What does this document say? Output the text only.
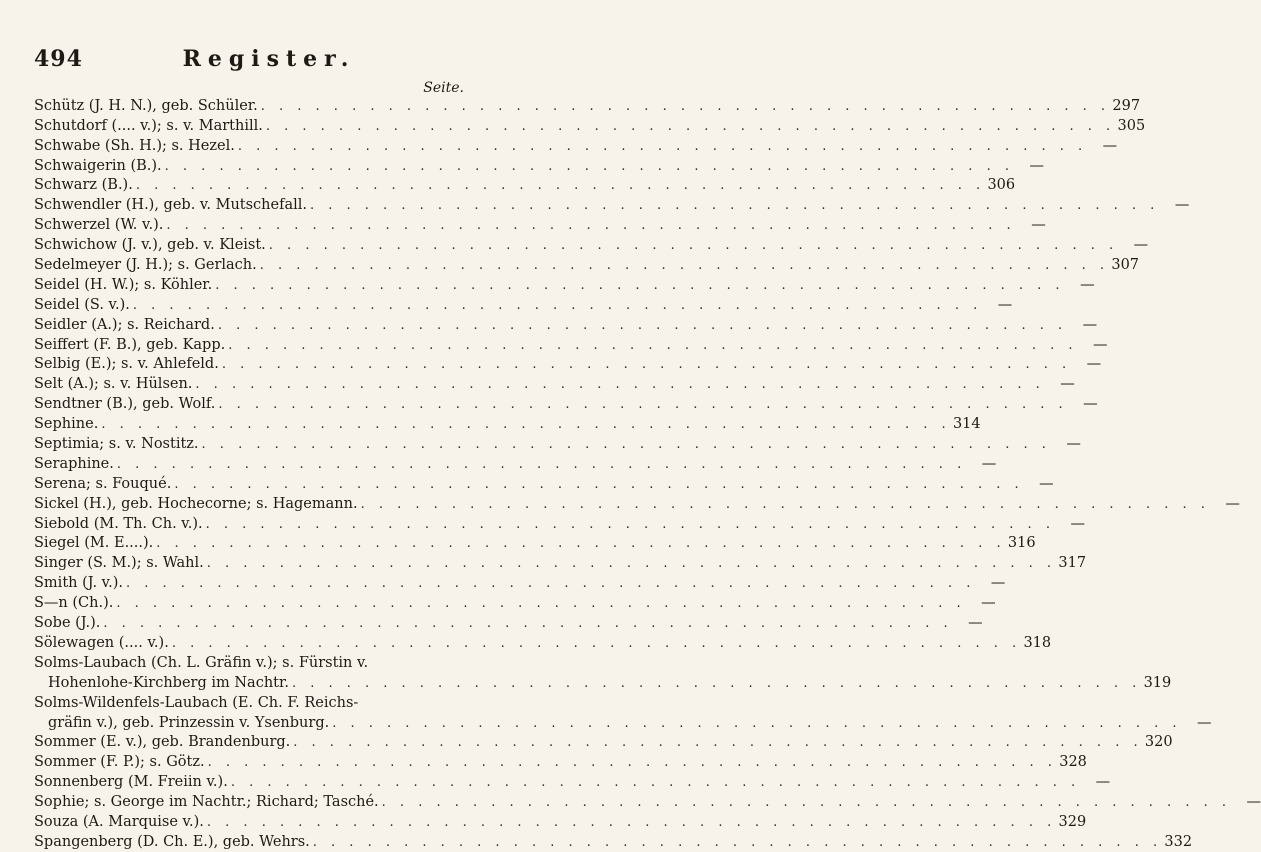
494	Register.
Seite.
Schütz (J. H. N.), geb. Schüler. . . . . . . . . . . . . . . . . . . . . . . . . . . . . . . . . . . . . . . . . . . . . . . . 297
Schutdorf (.... v.); s. v. Marthill. . . . . . . . . . . . . . . . . . . . . . . . . . . . . . . . . . . . . . . . . . . . . . . . 305
Schwabe (Sh. H.); s. Hezel. . . . . . . . . . . . . . . . . . . . . . . . . . . . . . . . . . . . . . . . . . . . . . . .	—
Schwaigerin (B.). . . . . . . . . . . . . . . . . . . . . . . . . . . . . . . . . . . . . . . . . . . . . . . .	—
Schwarz (B.). . . . . . . . . . . . . . . . . . . . . . . . . . . . . . . . . . . . . . . . . . . . . . . . 306
Schwendler (H.), geb. v. Mutschefall. . . . . . . . . . . . . . . . . . . . . . . . . . . . . . . . . . . . . . . . . . . . . . . .	—
Schwerzel (W. v.). . . . . . . . . . . . . . . . . . . . . . . . . . . . . . . . . . . . . . . . . . . . . . . .	—
Schwichow (J. v.), geb. v. Kleist. . . . . . . . . . . . . . . . . . . . . . . . . . . . . . . . . . . . . . . . . . . . . . . .	—
Sedelmeyer (J. H.); s. Gerlach. . . . . . . . . . . . . . . . . . . . . . . . . . . . . . . . . . . . . . . . . . . . . . . . 307
Seidel (H. W.); s. Köhler. . . . . . . . . . . . . . . . . . . . . . . . . . . . . . . . . . . . . . . . . . . . . . . .	—
Seidel (S. v.). . . . . . . . . . . . . . . . . . . . . . . . . . . . . . . . . . . . . . . . . . . . . . . .	—
Seidler (A.); s. Reichard. . . . . . . . . . . . . . . . . . . . . . . . . . . . . . . . . . . . . . . . . . . . . . . .	—
Seiffert (F. B.), geb. Kapp. . . . . . . . . . . . . . . . . . . . . . . . . . . . . . . . . . . . . . . . . . . . . . . .	—
Selbig (E.); s. v. Ahlefeld. . . . . . . . . . . . . . . . . . . . . . . . . . . . . . . . . . . . . . . . . . . . . . . .	—
Selt (A.); s. v. Hülsen. . . . . . . . . . . . . . . . . . . . . . . . . . . . . . . . . . . . . . . . . . . . . . . .	—
Sendtner (B.), geb. Wolf. . . . . . . . . . . . . . . . . . . . . . . . . . . . . . . . . . . . . . . . . . . . . . . .	—
Sephine. . . . . . . . . . . . . . . . . . . . . . . . . . . . . . . . . . . . . . . . . . . . . . . . 314
Septimia; s. v. Nostitz. . . . . . . . . . . . . . . . . . . . . . . . . . . . . . . . . . . . . . . . . . . . . . . .	—
Seraphine. . . . . . . . . . . . . . . . . . . . . . . . . . . . . . . . . . . . . . . . . . . . . . . .	—
Serena; s. Fouqué. . . . . . . . . . . . . . . . . . . . . . . . . . . . . . . . . . . . . . . . . . . . . . . .	—
Sickel (H.), geb. Hochecorne; s. Hagemann. . . . . . . . . . . . . . . . . . . . . . . . . . . . . . . . . . . . . . . . . . . . . . . .	—
Siebold (M. Th. Ch. v.). . . . . . . . . . . . . . . . . . . . . . . . . . . . . . . . . . . . . . . . . . . . . . . .	—
Siegel (M. E....). . . . . . . . . . . . . . . . . . . . . . . . . . . . . . . . . . . . . . . . . . . . . . . . 316
Singer (S. M.); s. Wahl. . . . . . . . . . . . . . . . . . . . . . . . . . . . . . . . . . . . . . . . . . . . . . . . 317
Smith (J. v.). . . . . . . . . . . . . . . . . . . . . . . . . . . . . . . . . . . . . . . . . . . . . . . .	—
S—n (Ch.). . . . . . . . . . . . . . . . . . . . . . . . . . . . . . . . . . . . . . . . . . . . . . . .	—
Sobe (J.). . . . . . . . . . . . . . . . . . . . . . . . . . . . . . . . . . . . . . . . . . . . . . . .	—
Sölewagen (.... v.). . . . . . . . . . . . . . . . . . . . . . . . . . . . . . . . . . . . . . . . . . . . . . . . 318
Solms-Laubach (Ch. L. Gräfin v.); s. Fürstin v.
Hohenlohe-Kirchberg im Nachtr. . . . . . . . . . . . . . . . . . . . . . . . . . . . . . . . . . . . . . . . . . . . . . . . 319
Solms-Wildenfels-Laubach (E. Ch. F. Reichs-
gräfin v.), geb. Prinzessin v. Ysenburg. . . . . . . . . . . . . . . . . . . . . . . . . . . . . . . . . . . . . . . . . . . . . . . .	—
Sommer (E. v.), geb. Brandenburg. . . . . . . . . . . . . . . . . . . . . . . . . . . . . . . . . . . . . . . . . . . . . . . . 320
Sommer (F. P.); s. Götz. . . . . . . . . . . . . . . . . . . . . . . . . . . . . . . . . . . . . . . . . . . . . . . . 328
Sonnenberg (M. Freiin v.). . . . . . . . . . . . . . . . . . . . . . . . . . . . . . . . . . . . . . . . . . . . . . . .	—
Sophie; s. George im Nachtr.; Richard; Tasché. . . . . . . . . . . . . . . . . . . . . . . . . . . . . . . . . . . . . . . . . . . . . . . .	—
Souza (A. Marquise v.). . . . . . . . . . . . . . . . . . . . . . . . . . . . . . . . . . . . . . . . . . . . . . . . 329
Spangenberg (D. Ch. E.), geb. Wehrs. . . . . . . . . . . . . . . . . . . . . . . . . . . . . . . . . . . . . . . . . . . . . . . . 332
